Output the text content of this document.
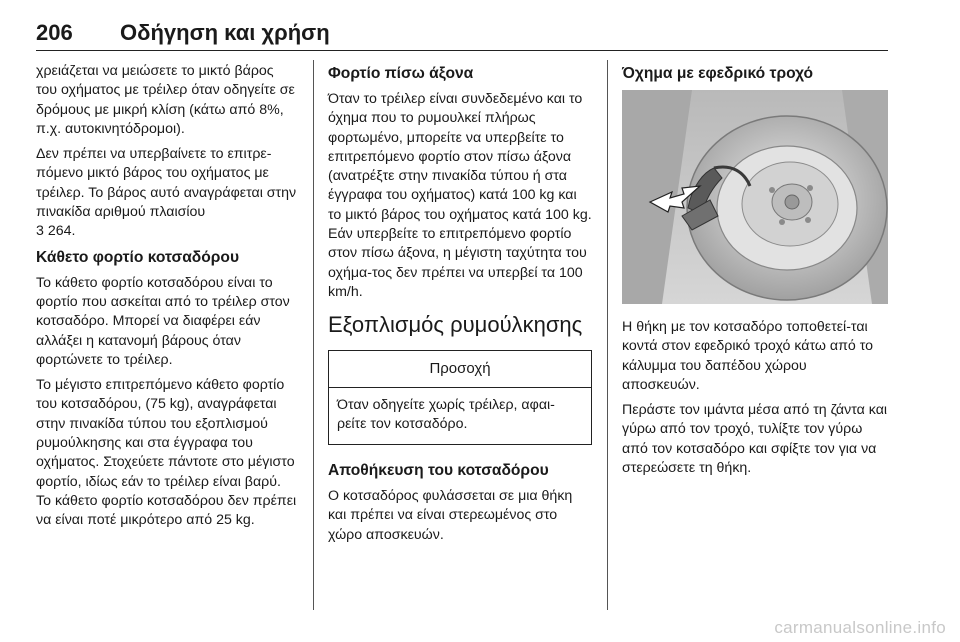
206 Οδήγηση και χρήση

χρειάζεται να μειώσετε το μικτό βάρος του οχήματος με τρέιλερ όταν οδηγείτε σε δρόμους με μικρή κλίση (κάτω από 8%, π.χ. αυτοκινητόδρομοι).

Δεν πρέπει να υπερβαίνετε το επιτρε-πόμενο μικτό βάρος του οχήματος με τρέιλερ. Το βάρος αυτό αναγράφεται στην πινακίδα αριθμού πλαισίου
3 264.

Κάθετο φορτίο κοτσαδόρου

Το κάθετο φορτίο κοτσαδόρου είναι το φορτίο που ασκείται από το τρέιλερ στον κοτσαδόρο. Μπορεί να διαφέρει εάν αλλάξει η κατανομή βάρους όταν φορτώνετε το τρέιλερ.

Το μέγιστο επιτρεπόμενο κάθετο φορτίο του κοτσαδόρου, (75 kg), αναγράφεται στην πινακίδα τύπου του εξοπλισμού ρυμούλκησης και στα έγγραφα του οχήματος. Στοχεύετε πάντοτε στο μέγιστο φορτίο, ιδίως εάν το τρέιλερ είναι βαρύ. Το κάθετο φορτίο κοτσαδόρου δεν πρέπει να είναι ποτέ μικρότερο από 25 kg.

Φορτίο πίσω άξονα

Όταν το τρέιλερ είναι συνδεδεμένο και το όχημα που το ρυμουλκεί πλήρως φορτωμένο, μπορείτε να υπερβείτε το επιτρεπόμενο φορτίο στον πίσω άξονα (ανατρέξτε στην πινακίδα τύπου ή στα έγγραφα του οχήματος) κατά 100 kg και το μικτό βάρος του οχήματος κατά 100 kg. Εάν υπερβείτε το επιτρεπόμενο φορτίο στον πίσω άξονα, η μέγιστη ταχύτητα του οχήμα-τος δεν πρέπει να υπερβεί τα 100 km/h.

Εξοπλισμός ρυμούλκησης
Προσοχή
Όταν οδηγείτε χωρίς τρέιλερ, αφαι-ρείτε τον κοτσαδόρο.
Αποθήκευση του κοτσαδόρου

Ο κοτσαδόρος φυλάσσεται σε μια θήκη και πρέπει να είναι στερεωμένος στο χώρο αποσκευών.

Όχημα με εφεδρικό τροχό

Η θήκη με τον κοτσαδόρο τοποθετεί-ται κοντά στον εφεδρικό τροχό κάτω από το κάλυμμα του δαπέδου χώρου αποσκευών.

Περάστε τον ιμάντα μέσα από τη ζάντα και γύρω από τον τροχό, τυλίξτε τον γύρω από τον κοτσαδόρο και σφίξτε τον για να στερεώσετε τη θήκη.

carmanualsonline.info
